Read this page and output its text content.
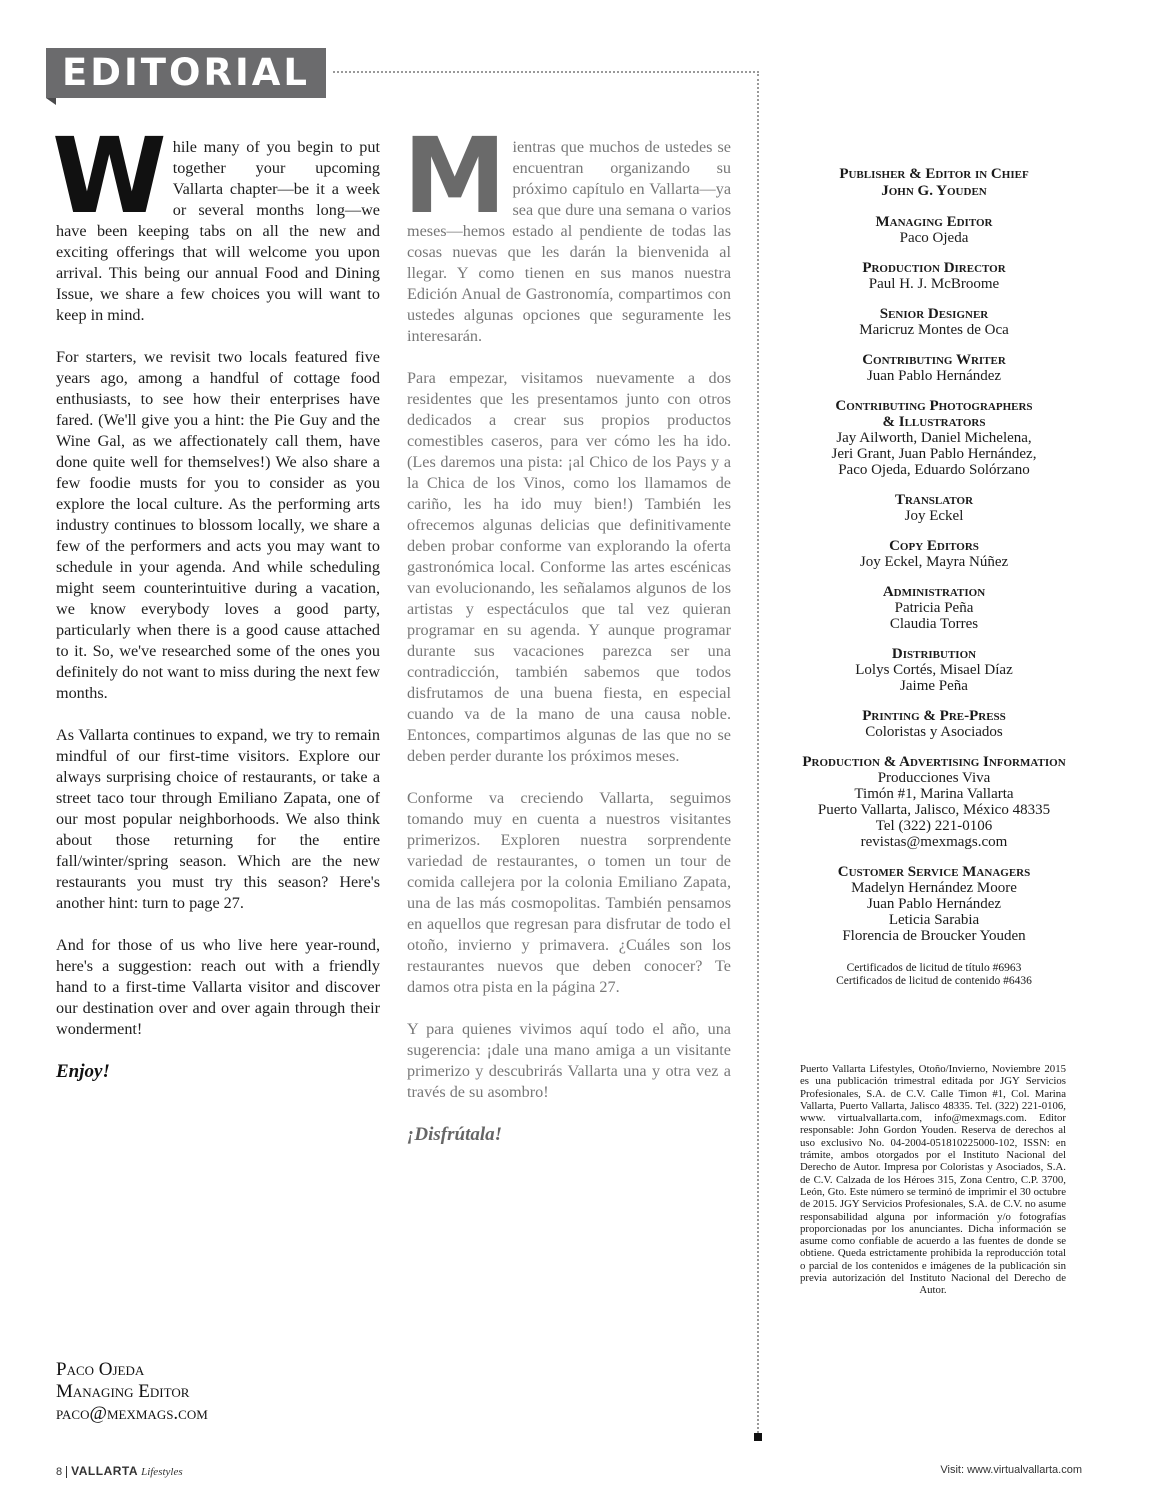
EDITORIAL

While many of you begin to put together your upcoming Vallarta chapter—be it a week or several months long—we have been keeping tabs on all the new and exciting offerings that will welcome you upon arrival. This being our annual Food and Dining Issue, we share a few choices you will want to keep in mind.

For starters, we revisit two locals featured five years ago, among a handful of cottage food enthusiasts, to see how their enterprises have fared. (We'll give you a hint: the Pie Guy and the Wine Gal, as we affectionately call them, have done quite well for themselves!) We also share a few foodie musts for you to consider as you explore the local culture. As the performing arts industry continues to blossom locally, we share a few of the performers and acts you may want to schedule in your agenda. And while scheduling might seem counterintuitive during a vacation, we know everybody loves a good party, particularly when there is a good cause attached to it. So, we've researched some of the ones you definitely do not want to miss during the next few months.

As Vallarta continues to expand, we try to remain mindful of our first-time visitors. Explore our always surprising choice of restaurants, or take a street taco tour through Emiliano Zapata, one of our most popular neighborhoods. We also think about those returning for the entire fall/winter/spring season. Which are the new restaurants you must try this season? Here's another hint: turn to page 27.

And for those of us who live here year-round, here's a suggestion: reach out with a friendly hand to a first-time Vallarta visitor and discover our destination over and over again through their wonderment!

Enjoy!

Mientras que muchos de ustedes se encuentran organizando su próximo capítulo en Vallarta—ya sea que dure una semana o varios meses—hemos estado al pendiente de todas las cosas nuevas que les darán la bienvenida al llegar. Y como tienen en sus manos nuestra Edición Anual de Gastronomía, compartimos con ustedes algunas opciones que seguramente les interesarán.

Para empezar, visitamos nuevamente a dos residentes que les presentamos junto con otros dedicados a crear sus propios productos comestibles caseros, para ver cómo les ha ido. (Les daremos una pista: ¡al Chico de los Pays y a la Chica de los Vinos, como los llamamos de cariño, les ha ido muy bien!) También les ofrecemos algunas delicias que definitivamente deben probar conforme van explorando la oferta gastronómica local. Conforme las artes escénicas van evolucionando, les señalamos algunos de los artistas y espectáculos que tal vez quieran programar en su agenda. Y aunque programar durante sus vacaciones parezca ser una contradicción, también sabemos que todos disfrutamos de una buena fiesta, en especial cuando va de la mano de una causa noble. Entonces, compartimos algunas de las que no se deben perder durante los próximos meses.

Conforme va creciendo Vallarta, seguimos tomando muy en cuenta a nuestros visitantes primerizos. Exploren nuestra sorprendente variedad de restaurantes, o tomen un tour de comida callejera por la colonia Emiliano Zapata, una de las más cosmopolitas. También pensamos en aquellos que regresan para disfrutar de todo el otoño, invierno y primavera. ¿Cuáles son los restaurantes nuevos que deben conocer? Te damos otra pista en la página 27.

Y para quienes vivimos aquí todo el año, una sugerencia: ¡dale una mano amiga a un visitante primerizo y descubrirás Vallarta una y otra vez a través de su asombro!

¡Disfrútala!
Paco Ojeda
Managing Editor
paco@mexmags.com
Publisher & Editor in Chief
John G. Youden
Managing Editor
Paco Ojeda
Production Director
Paul H. J. McBroome
Senior Designer
Maricruz Montes de Oca
Contributing Writer
Juan Pablo Hernández
Contributing Photographers
& Illustrators
Jay Ailworth, Daniel Michelena,
Jeri Grant, Juan Pablo Hernández,
Paco Ojeda, Eduardo Solórzano
Translator
Joy Eckel
Copy Editors
Joy Eckel, Mayra Núñez
Administration
Patricia Peña
Claudia Torres
Distribution
Lolys Cortés, Misael Díaz
Jaime Peña
Printing & Pre-Press
Coloristas y Asociados
Production & Advertising Information
Producciones Viva
Timón #1, Marina Vallarta
Puerto Vallarta, Jalisco, México 48335
Tel (322) 221-0106
revistas@mexmags.com
Customer Service Managers
Madelyn Hernández Moore
Juan Pablo Hernández
Leticia Sarabia
Florencia de Broucker Youden
Certificados de licitud de título #6963
Certificados de licitud de contenido #6436
Puerto Vallarta Lifestyles, Otoño/Invierno, Noviembre 2015 es una publicación trimestral editada por JGY Servicios Profesionales, S.A. de C.V. Calle Timon #1, Col. Marina Vallarta, Puerto Vallarta, Jalisco 48335. Tel. (322) 221-0106, www. virtualvallarta.com, info@mexmags.com. Editor responsable: John Gordon Youden. Reserva de derechos al uso exclusivo No. 04-2004-051810225000-102, ISSN: en trámite, ambos otorgados por el Instituto Nacional del Derecho de Autor. Impresa por Coloristas y Asociados, S.A. de C.V. Calzada de los Héroes 315, Zona Centro, C.P. 3700, León, Gto. Este número se terminó de imprimir el 30 octubre de 2015. JGY Servicios Profesionales, S.A. de C.V. no asume responsabilidad alguna por información y/o fotografías proporcionadas por los anunciantes. Dicha información se asume como confiable de acuerdo a las fuentes de donde se obtiene. Queda estrictamente prohibida la reproducción total o parcial de los contenidos e imágenes de la publicación sin previa autorización del Instituto Nacional del Derecho de Autor.
8 VALLARTA Lifestyles	Visit: www.virtualvallarta.com
